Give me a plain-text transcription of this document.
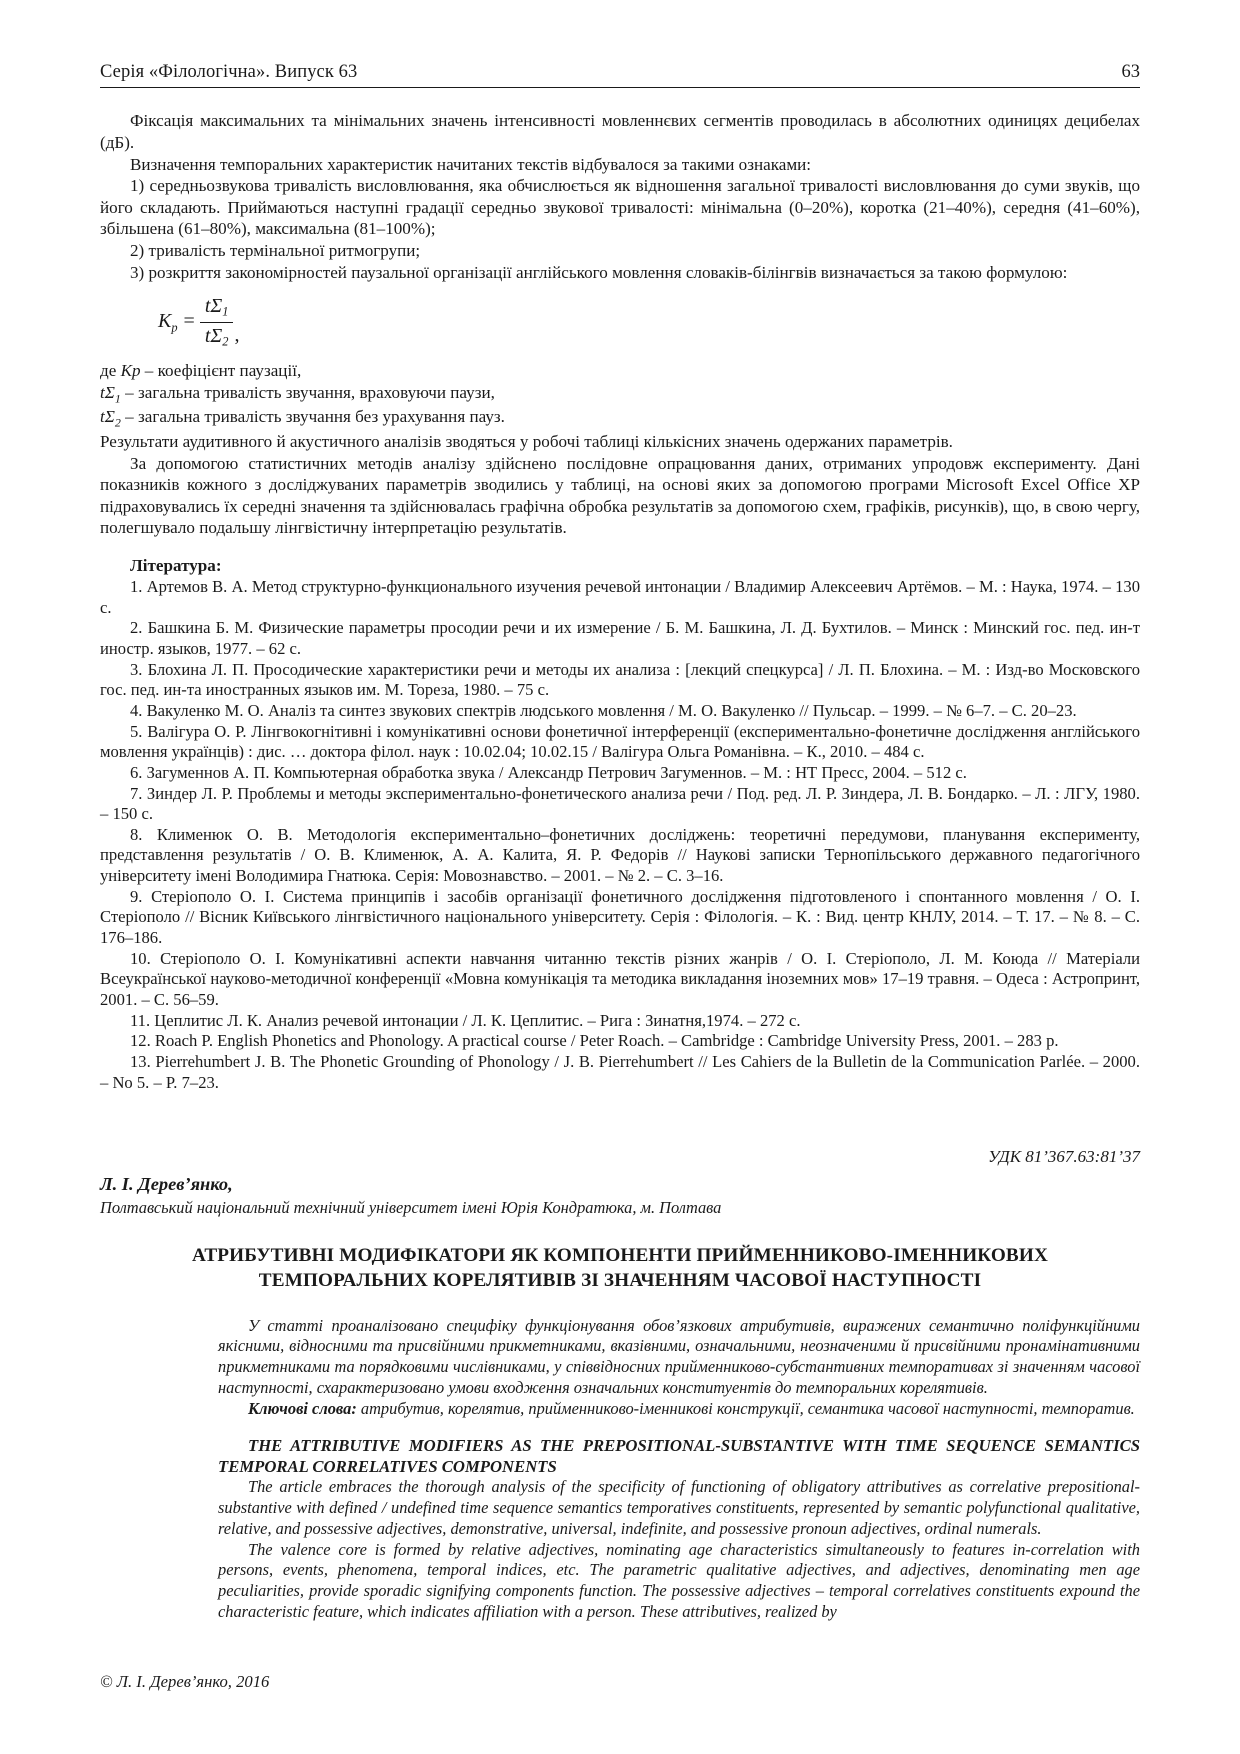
Серія «Філологічна». Випуск 63	63

Фіксація максимальних та мінімальних значень інтенсивності мовленнєвих сегментів проводилась в абсолютних одиницях децибелах (дБ).

Визначення темпоральних характеристик начитаних текстів відбувалося за такими ознаками:

1) середньозвукова тривалість висловлювання, яка обчислюється як відношення загальної тривалості висловлювання до суми звуків, що його складають. Приймаються наступні градації середньо звукової тривалості: мінімальна (0–20%), коротка (21–40%), середня (41–60%), збільшена (61–80%), максимальна (81–100%);

2) тривалість термінальної ритмогрупи;

3) розкриття закономірностей паузальної організації англійського мовлення словаків-білінгвів визначається за такою формулою:

$K_p = \frac{t\Sigma_1}{t\Sigma_2}$ ,
де Kp – коефіцієнт паузації,
$t\Sigma_1$ – загальна тривалість звучання, враховуючи паузи,
$t\Sigma_2$ – загальна тривалість звучання без урахування пауз.

Результати аудитивного й акустичного аналізів зводяться у робочі таблиці кількісних значень одержаних параметрів.

За допомогою статистичних методів аналізу здійснено послідовне опрацювання даних, отриманих упродовж експерименту. Дані показників кожного з досліджуваних параметрів зводились у таблиці, на основі яких за допомогою програми Microsoft Excel Office XP підраховувались їх середні значення та здійснювалась графічна обробка результатів за допомогою схем, графіків, рисунків), що, в свою чергу, полегшувало подальшу лінгвістичну інтерпретацію результатів.

Література:

1. Артемов В. А. Метод структурно-функционального изучения речевой интонации / Владимир Алексеевич Артёмов. – М. : Наука, 1974. – 130 с.

2. Башкина Б. М. Физические параметры просодии речи и их измерение / Б. М. Башкина, Л. Д. Бухтилов. – Минск : Минский гос. пед. ин-т иностр. языков, 1977. – 62 с.

3. Блохина Л. П. Просодические характеристики речи и методы их анализа : [лекций спецкурса] / Л. П. Блохина. – М. : Изд-во Московского гос. пед. ин-та иностранных языков им. М. Тореза, 1980. – 75 с.

4. Вакуленко М. О. Аналіз та синтез звукових спектрів людського мовлення / М. О. Вакуленко // Пульсар. – 1999. – № 6–7. – С. 20–23.

5. Валігура О. Р. Лінгвокогнітивні і комунікативні основи фонетичної інтерференції (експериментально-фонетичне дослідження англійського мовлення українців) : дис. … доктора філол. наук : 10.02.04; 10.02.15 / Валігура Ольга Романівна. – К., 2010. – 484 с.

6. Загуменнов А. П. Компьютерная обработка звука / Александр Петрович Загуменнов. – М. : НТ Пресс, 2004. – 512 с.

7. Зиндер Л. Р. Проблемы и методы экспериментально-фонетического анализа речи / Под. ред. Л. Р. Зиндера, Л. В. Бондарко. – Л. : ЛГУ, 1980. – 150 с.

8. Клименюк О. В. Методологія експериментально–фонетичних досліджень: теоретичні передумови, планування експерименту, представлення результатів / О. В. Клименюк, А. А. Калита, Я. Р. Федорів // Наукові записки Тернопільського державного педагогічного університету імені Володимира Гнатюка. Серія: Мовознавство. – 2001. – № 2. – С. 3–16.

9. Стеріополо О. І. Система принципів і засобів організації фонетичного дослідження підготовленого і спонтанного мовлення / О. І. Стеріополо // Вісник Київського лінгвістичного національного університету. Серія : Філологія. – К. : Вид. центр КНЛУ, 2014. – Т. 17. – № 8. – С. 176–186.

10. Стеріополо О. І. Комунікативні аспекти навчання читанню текстів різних жанрів / О. І. Стеріополо, Л. М. Коюда // Матеріали Всеукраїнської науково-методичної конференції «Мовна комунікація та методика викладання іноземних мов» 17–19 травня. – Одеса : Астропринт, 2001. – С. 56–59.

11. Цеплитис Л. К. Анализ речевой интонации / Л. К. Цеплитис. – Рига : Зинатня,1974. – 272 с.

12. Roach P. English Phonetics and Phonology. A practical course / Peter Roach. – Cambridge : Cambridge University Press, 2001. – 283 p.

13. Pierrehumbert J. B. The Phonetic Grounding of Phonology / J. B. Pierrehumbert // Les Cahiers de la Bulletin de la Communication Parlée. – 2000. – No 5. – P. 7–23.

УДК 81’367.63:81’37
Л. І. Дерев’янко,
Полтавський національний технічний університет імені Юрія Кондратюка, м. Полтава
АТРИБУТИВНІ МОДИФІКАТОРИ ЯК КОМПОНЕНТИ ПРИЙМЕННИКОВО-ІМЕННИКОВИХ ТЕМПОРАЛЬНИХ КОРЕЛЯТИВІВ ЗІ ЗНАЧЕННЯМ ЧАСОВОЇ НАСТУПНОСТІ

У статті проаналізовано специфіку функціонування обов’язкових атрибутивів, виражених семантично поліфункційними якісними, відносними та присвійними прикметниками, вказівними, означальними, неозначеними й присвійними пронамінативними прикметниками та порядковими числівниками, у співвідносних прийменниково-субстантивних темпоративах зі значенням часової наступності, схарактеризовано умови входження означальних конституентів до темпоральних корелятивів.

Ключові слова: атрибутив, корелятив, прийменниково-іменникові конструкції, семантика часової наступності, темпоратив.

THE ATTRIBUTIVE MODIFIERS AS THE PREPOSITIONAL-SUBSTANTIVE WITH TIME SEQUENCE SEMANTICS TEMPORAL CORRELATIVES COMPONENTS

The article embraces the thorough analysis of the specificity of functioning of obligatory attributives as correlative prepositional-substantive with defined / undefined time sequence semantics temporatives constituents, represented by semantic polyfunctional qualitative, relative, and possessive adjectives, demonstrative, universal, indefinite, and possessive pronoun adjectives, ordinal numerals.

The valence core is formed by relative adjectives, nominating age characteristics simultaneously to features in-correlation with persons, events, phenomena, temporal indices, etc. The parametric qualitative adjectives, and adjectives, denominating men age peculiarities, provide sporadic signifying components function. The possessive adjectives – temporal correlatives constituents expound the characteristic feature, which indicates affiliation with a person. These attributives, realized by

© Л. І. Дерев’янко, 2016
